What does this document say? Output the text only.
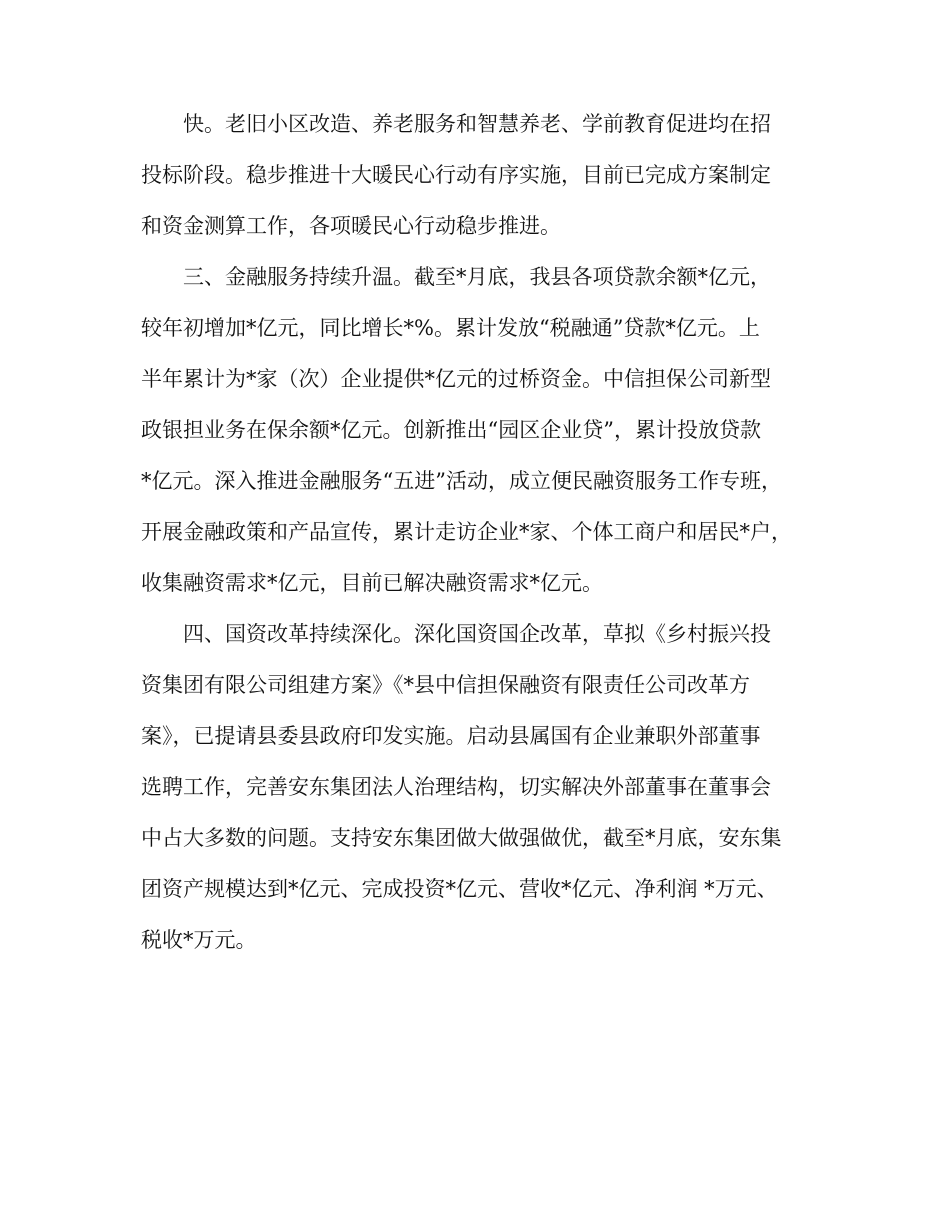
快。老旧小区改造、养老服务和智慧养老、学前教育促进均在招
投标阶段。稳步推进十大暖民心行动有序实施，目前已完成方案制定
和资金测算工作，各项暖民心行动稳步推进。
三、金融服务持续升温。截至*月底，我县各项贷款余额*亿元，
较年初增加*亿元，同比增长*%。累计发放“税融通”贷款*亿元。上
半年累计为*家（次）企业提供*亿元的过桥资金。中信担保公司新型
政银担业务在保余额*亿元。创新推出“园区企业贷”，累计投放贷款
*亿元。深入推进金融服务“五进”活动，成立便民融资服务工作专班，
开展金融政策和产品宣传，累计走访企业*家、个体工商户和居民*户，
收集融资需求*亿元，目前已解决融资需求*亿元。
四、国资改革持续深化。深化国资国企改革，草拟《乡村振兴投
资集团有限公司组建方案》《*县中信担保融资有限责任公司改革方
案》，已提请县委县政府印发实施。启动县属国有企业兼职外部董事
选聘工作，完善安东集团法人治理结构，切实解决外部董事在董事会
中占大多数的问题。支持安东集团做大做强做优，截至*月底，安东集
团资产规模达到*亿元、完成投资*亿元、营收*亿元、净利润 *万元、
税收*万元。
